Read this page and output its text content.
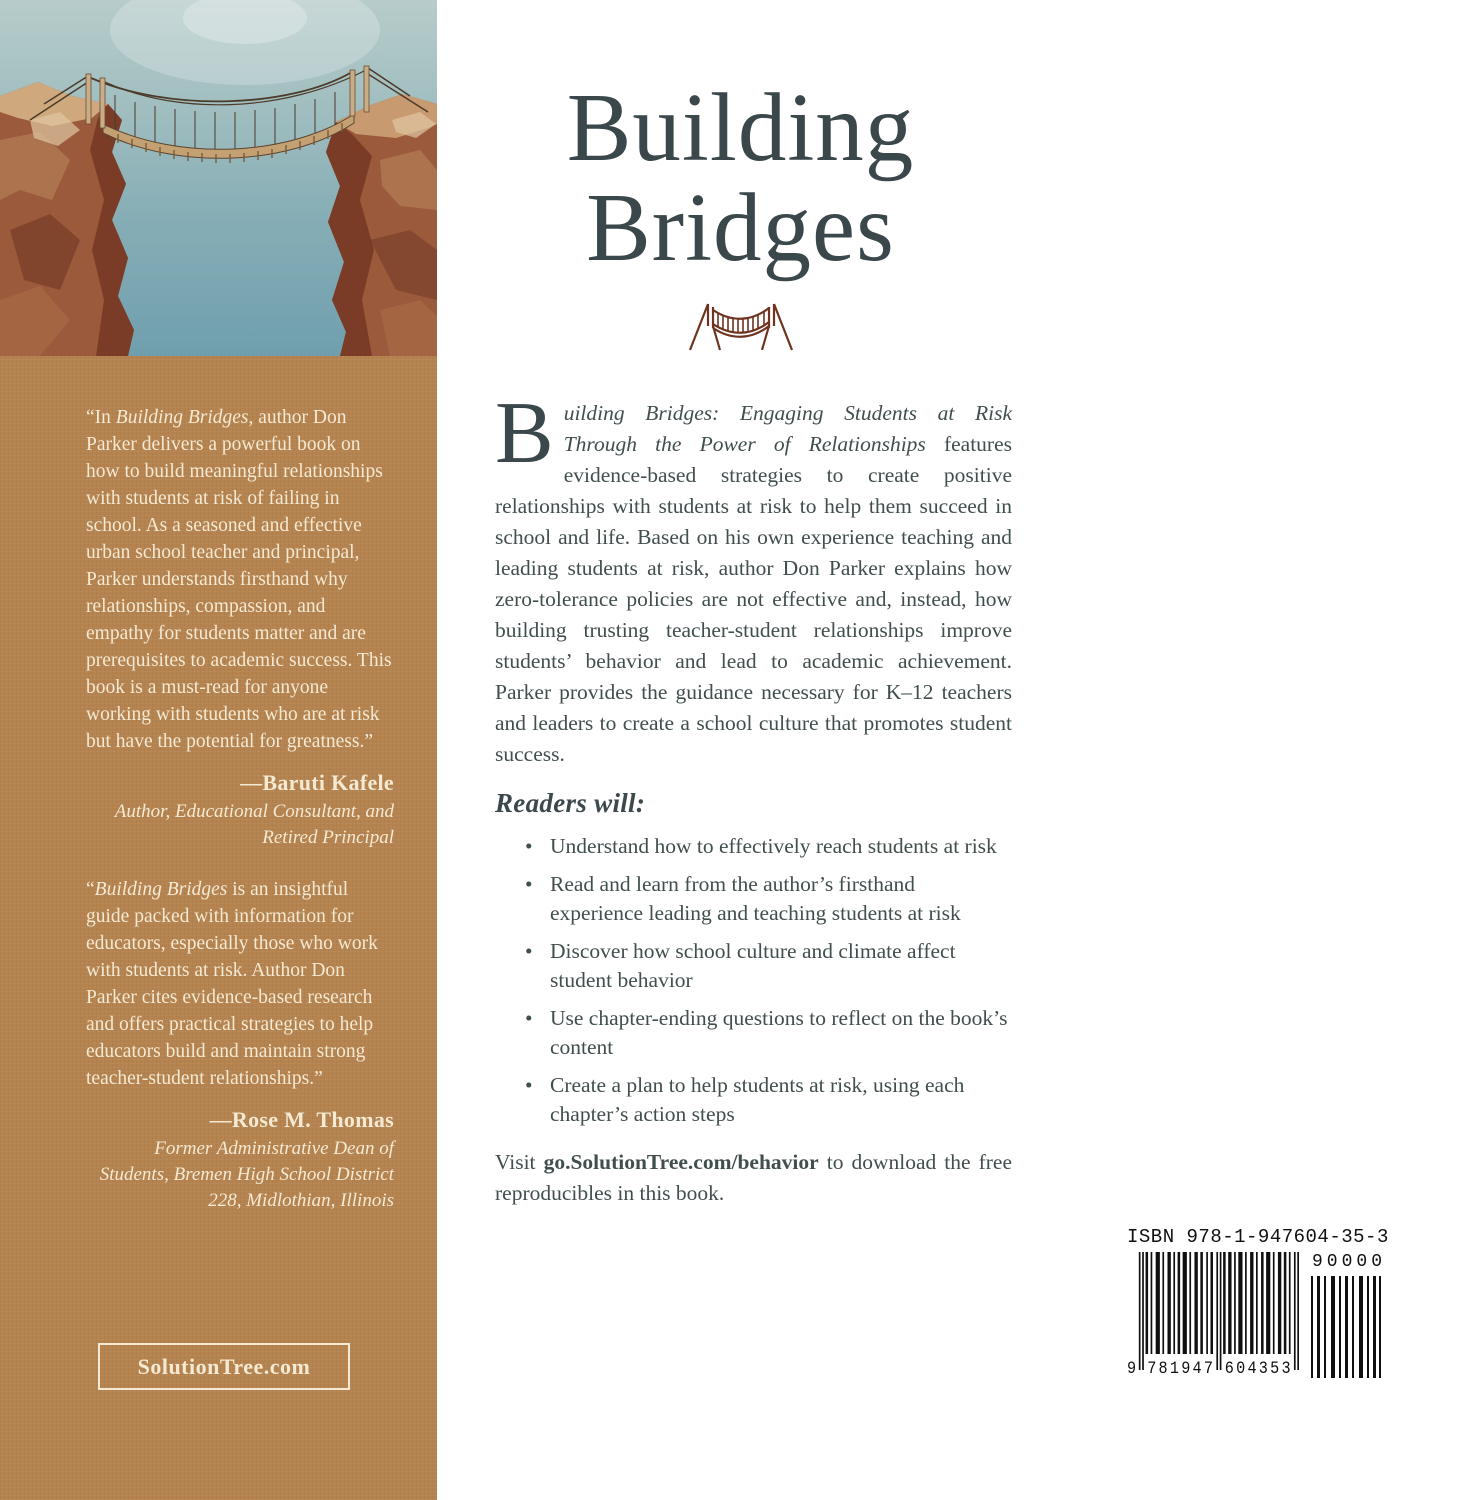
“In Building Bridges, author Don Parker delivers a powerful book on how to build meaningful relationships with students at risk of failing in school. As a seasoned and effective urban school teacher and principal, Parker understands firsthand why relationships, compassion, and empathy for students matter and are prerequisites to academic success. This book is a must-read for anyone working with students who are at risk but have the potential for greatness.”

—Baruti Kafele

Author, Educational Consultant, and Retired Principal

“Building Bridges is an insightful guide packed with information for educators, especially those who work with students at risk. Author Don Parker cites evidence-based research and offers practical strategies to help educators build and maintain strong teacher-student relationships.”

—Rose M. Thomas

Former Administrative Dean of Students, Bremen High School District 228, Midlothian, Illinois

SolutionTree.com
Building
Bridges

Building Bridges: Engaging Students at Risk Through the Power of Relationships features evidence-based strategies to create positive relationships with students at risk to help them succeed in school and life. Based on his own experience teaching and leading students at risk, author Don Parker explains how zero-tolerance policies are not effective and, instead, how building trusting teacher-student relationships improve students’ behavior and lead to academic achievement. Parker provides the guidance necessary for K–12 teachers and leaders to create a school culture that promotes student success.

Readers will:
• Understand how to effectively reach students at risk
• Read and learn from the author’s firsthand experience leading and teaching students at risk
• Discover how school culture and climate affect student behavior
• Use chapter-ending questions to reflect on the book’s content
• Create a plan to help students at risk, using each chapter’s action steps

Visit go.SolutionTree.com/behavior to download the free reproducibles in this book.

ISBN 978-1-947604-35-3
9 781947 604353
90000
